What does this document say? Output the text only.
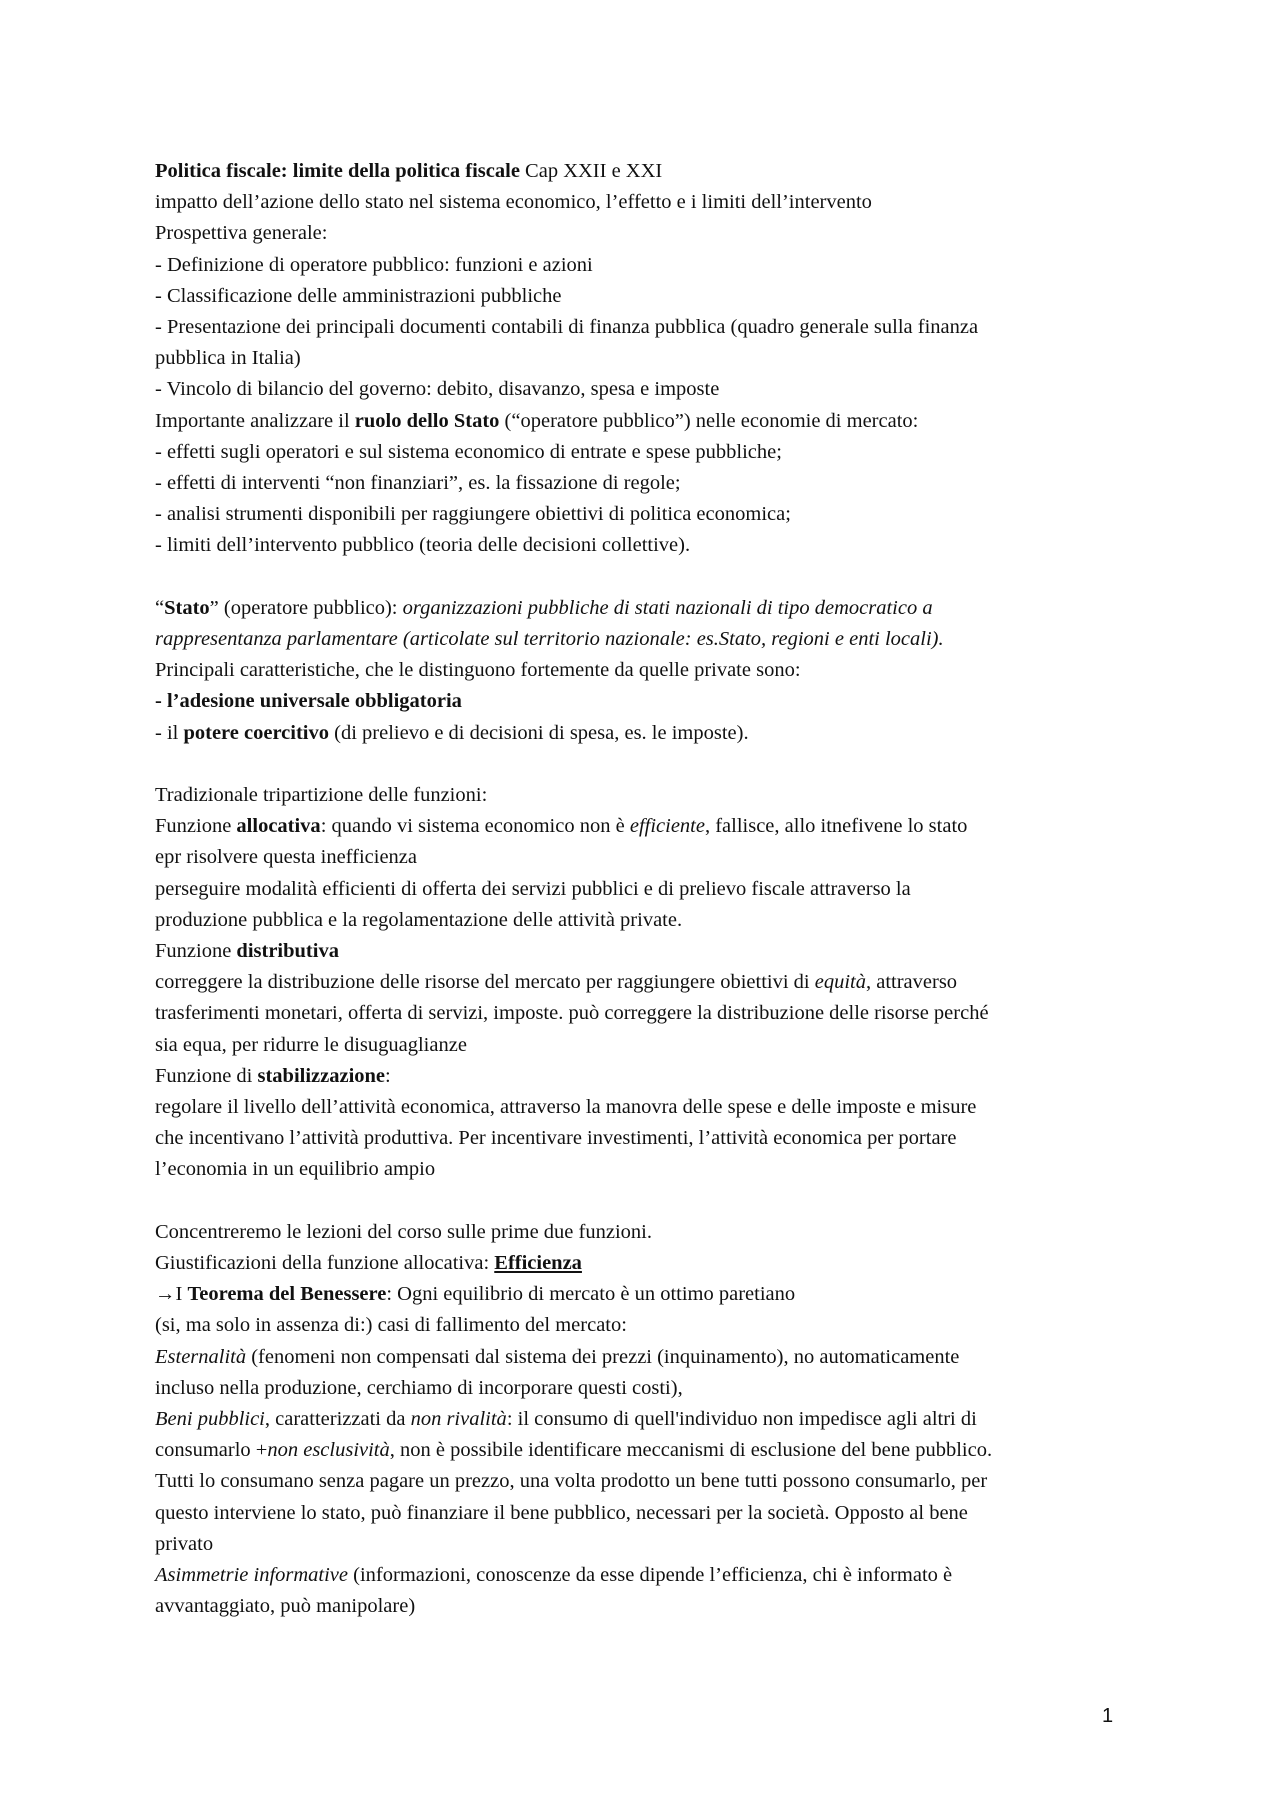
Politica fiscale: limite della politica fiscale Cap XXII e XXI
impatto dell’azione dello stato nel sistema economico, l’effetto e i limiti dell’intervento
Prospettiva generale:
- Definizione di operatore pubblico: funzioni e azioni
- Classificazione delle amministrazioni pubbliche
- Presentazione dei principali documenti contabili di finanza pubblica (quadro generale sulla finanza
pubblica in Italia)
- Vincolo di bilancio del governo: debito, disavanzo, spesa e imposte
Importante analizzare il ruolo dello Stato (“operatore pubblico”) nelle economie di mercato:
- effetti sugli operatori e sul sistema economico di entrate e spese pubbliche;
- effetti di interventi “non finanziari”, es. la fissazione di regole;
- analisi strumenti disponibili per raggiungere obiettivi di politica economica;
- limiti dell’intervento pubblico (teoria delle decisioni collettive).
“Stato” (operatore pubblico): organizzazioni pubbliche di stati nazionali di tipo democratico a
rappresentanza parlamentare (articolate sul territorio nazionale: es.Stato, regioni e enti locali).
Principali caratteristiche, che le distinguono fortemente da quelle private sono:
- l’adesione universale obbligatoria
- il potere coercitivo (di prelievo e di decisioni di spesa, es. le imposte).
Tradizionale tripartizione delle funzioni:
Funzione allocativa: quando vi sistema economico non è efficiente, fallisce, allo itnefivene lo stato
epr risolvere questa inefficienza
perseguire modalità efficienti di offerta dei servizi pubblici e di prelievo fiscale attraverso la
produzione pubblica e la regolamentazione delle attività private.
Funzione distributiva
correggere la distribuzione delle risorse del mercato per raggiungere obiettivi di equità, attraverso
trasferimenti monetari, offerta di servizi, imposte. può correggere la distribuzione delle risorse perché
sia equa, per ridurre le disuguaglianze
Funzione di stabilizzazione:
regolare il livello dell’attività economica, attraverso la manovra delle spese e delle imposte e misure
che incentivano l’attività produttiva. Per incentivare investimenti, l’attività economica per portare
l’economia in un equilibrio ampio
Concentreremo le lezioni del corso sulle prime due funzioni.
Giustificazioni della funzione allocativa: Efficienza
→I Teorema del Benessere: Ogni equilibrio di mercato è un ottimo paretiano
(si, ma solo in assenza di:) casi di fallimento del mercato:
Esternalità (fenomeni non compensati dal sistema dei prezzi (inquinamento), no automaticamente
incluso nella produzione, cerchiamo di incorporare questi costi),
Beni pubblici, caratterizzati da non rivalità: il consumo di quell'individuo non impedisce agli altri di
consumarlo +non esclusività, non è possibile identificare meccanismi di esclusione del bene pubblico.
Tutti lo consumano senza pagare un prezzo, una volta prodotto un bene tutti possono consumarlo, per
questo interviene lo stato, può finanziare il bene pubblico, necessari per la società. Opposto al bene
privato
Asimmetrie informative (informazioni, conoscenze da esse dipende l’efficienza, chi è informato è
avvantaggiato, può manipolare)
1
